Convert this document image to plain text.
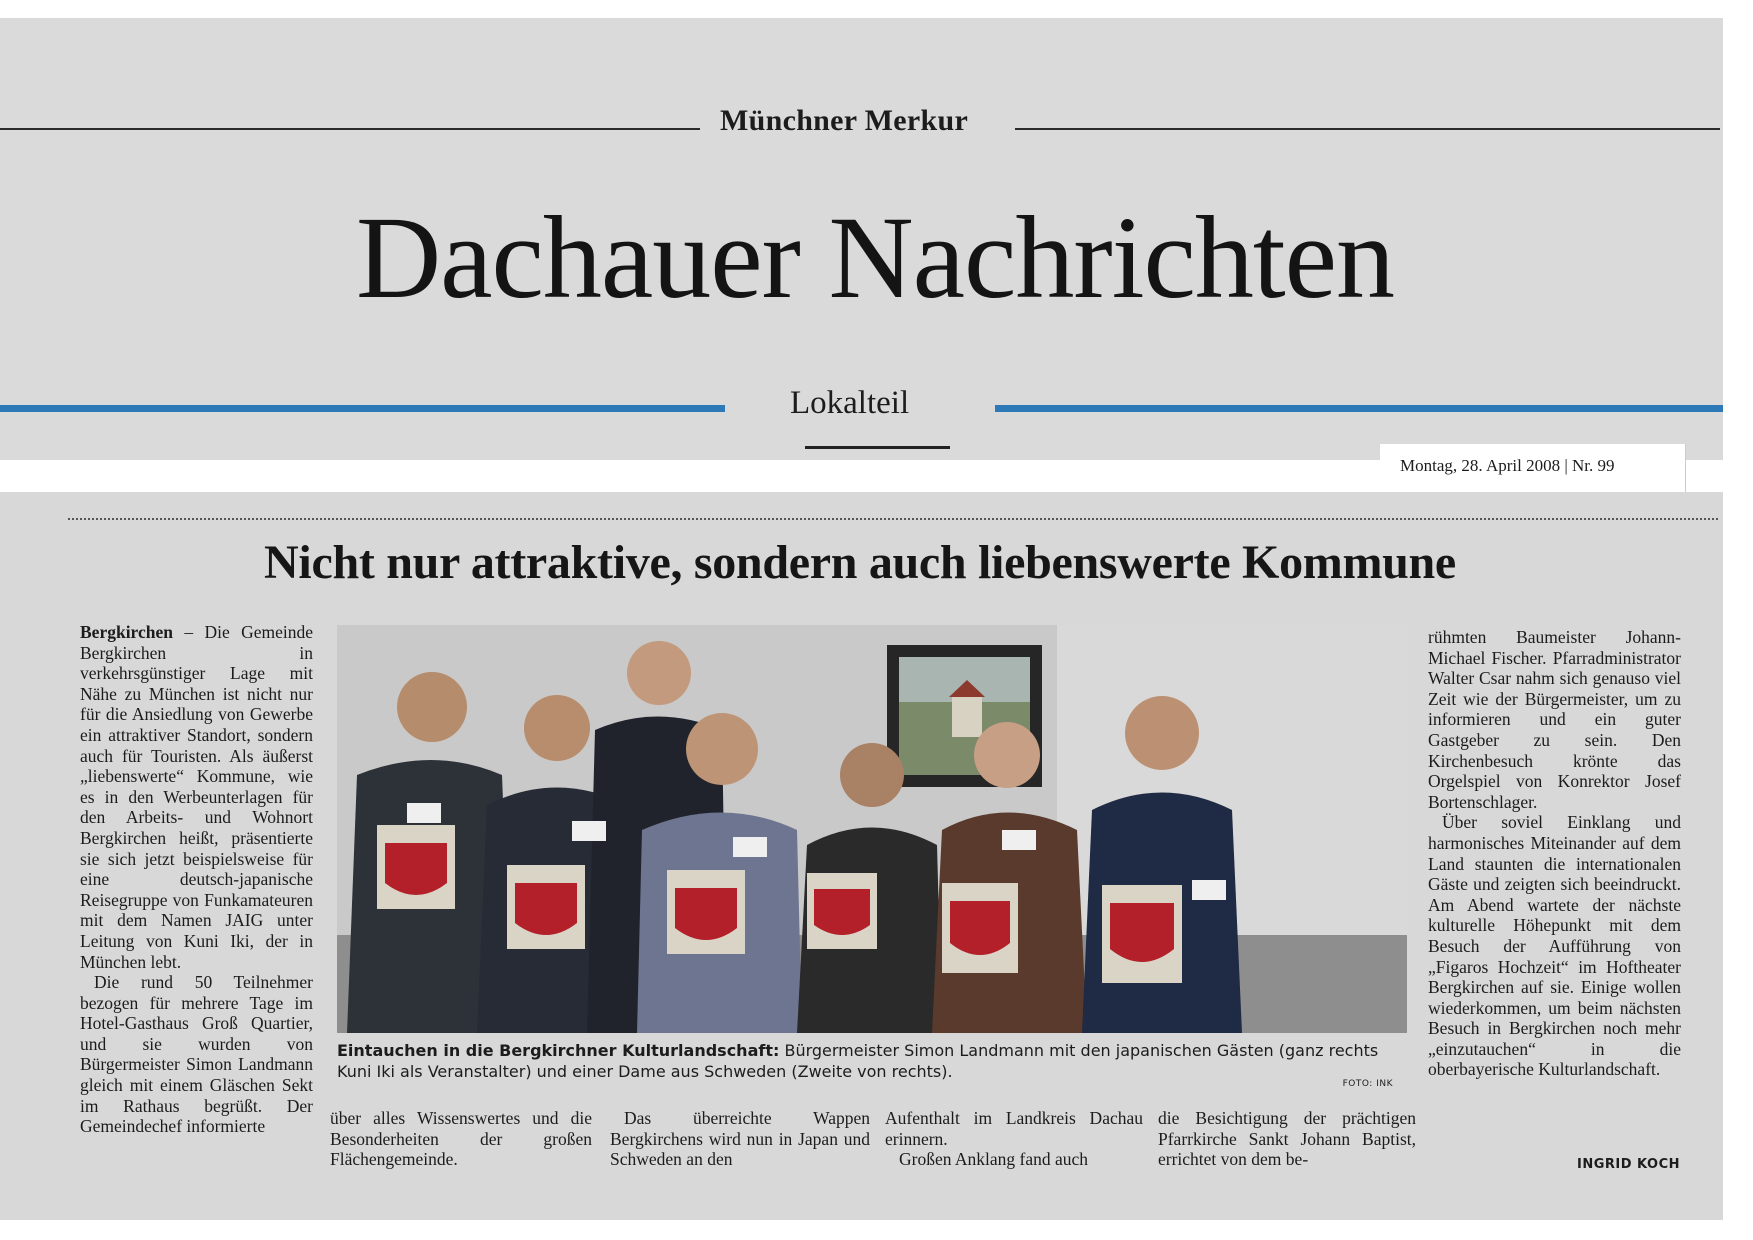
Münchner Merkur
Dachauer Nachrichten
Lokalteil
Montag, 28. April 2008 | Nr. 99
Nicht nur attraktive, sondern auch liebenswerte Kommune

Bergkirchen – Die Gemeinde Bergkirchen in verkehrsgünstiger Lage mit Nähe zu München ist nicht nur für die Ansiedlung von Gewerbe ein attraktiver Standort, sondern auch für Touristen. Als äußerst „liebenswerte“ Kommune, wie es in den Werbeunterlagen für den Arbeits- und Wohnort Bergkirchen heißt, präsentierte sie sich jetzt beispielsweise für eine deutsch-japanische Reisegruppe von Funkamateuren mit dem Namen JAIG unter Leitung von Kuni Iki, der in München lebt.

Die rund 50 Teilnehmer bezogen für mehrere Tage im Hotel-Gasthaus Groß Quartier, und sie wurden von Bürgermeister Simon Landmann gleich mit einem Gläschen Sekt im Rathaus begrüßt. Der Gemeindechef informierte

Eintauchen in die Bergkirchner Kulturlandschaft: Bürgermeister Simon Landmann mit den japanischen Gästen (ganz rechts Kuni Iki als Veranstalter) und einer Dame aus Schweden (Zweite von rechts).
FOTO: INK

über alles Wissenswertes und die Besonderheiten der großen Flächengemeinde.

Das überreichte Wappen Bergkirchens wird nun in Japan und Schweden an den

Aufenthalt im Landkreis Dachau erinnern.

Großen Anklang fand auch

die Besichtigung der prächtigen Pfarrkirche Sankt Johann Baptist, errichtet von dem be-

rühmten Baumeister Johann-Michael Fischer. Pfarradministrator Walter Csar nahm sich genauso viel Zeit wie der Bürgermeister, um zu informieren und ein guter Gastgeber zu sein. Den Kirchenbesuch krönte das Orgelspiel von Konrektor Josef Bortenschlager.

Über soviel Einklang und harmonisches Miteinander auf dem Land staunten die internationalen Gäste und zeigten sich beeindruckt. Am Abend wartete der nächste kulturelle Höhepunkt mit dem Besuch der Aufführung von „Figaros Hochzeit“ im Hoftheater Bergkirchen auf sie. Einige wollen wiederkommen, um beim nächsten Besuch in Bergkirchen noch mehr „einzutauchen“ in die oberbayerische Kulturlandschaft.

INGRID KOCH
